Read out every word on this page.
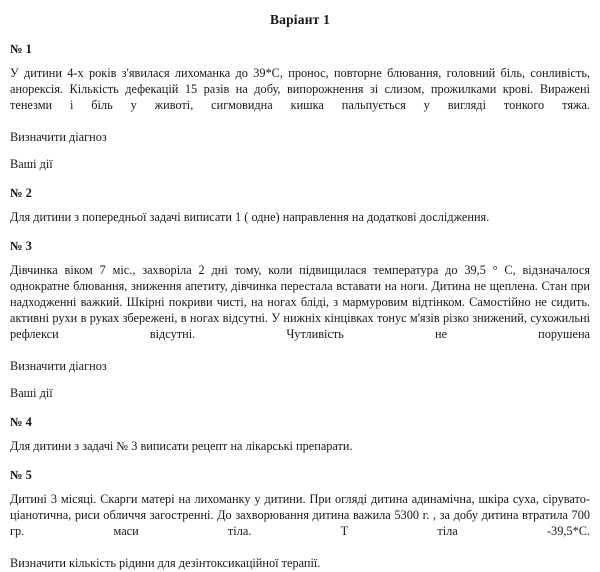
Варіант 1
№ 1
У дитини 4-х років з'явилася лихоманка до 39*С, пронос, повторне блювання, головний біль, сонливість, анорексія. Кількість дефекацій 15 разів на добу, випорожнення зі слизом, прожилками крові. Виражені тенезми і біль у животі, сигмовидна кишка пальпується у вигляді тонкого тяжа.
Визначити діагноз
Ваші дії
№ 2
Для дитини з попередньої задачі виписати 1 ( одне) направлення на додаткові дослідження.
№ 3
Дівчинка віком 7 міс., захворіла 2 дні тому, коли підвищилася температура до 39,5 ° С, відзначалося однократне блювання, зниження апетиту, дівчинка перестала вставати на ноги. Дитина не щеплена. Стан при надходженні важкий. Шкірні покриви чисті, на ногах бліді, з мармуровим відтінком. Самостійно не сидить. активні рухи в руках збережені, в ногах відсутні. У нижніх кінцівках тонус м'язів різко знижений, сухожильні рефлекси відсутні. Чутливість не порушена
Визначити діагноз
Ваші дії
№ 4
Для дитини з задачі № 3 виписати рецепт на лікарські препарати.
№ 5
Дитині 3 місяці. Скарги матері на лихоманку у дитини. При огляді дитина адинамічна, шкіра суха, сірувато-ціанотична, риси обличчя загостренні. До захворювання дитина важила 5300 г. , за добу дитина втратила 700 гр. маси тіла. Т тіла -39,5*С.
Визначити кількість рідини для дезінтоксикаційної терапії.
